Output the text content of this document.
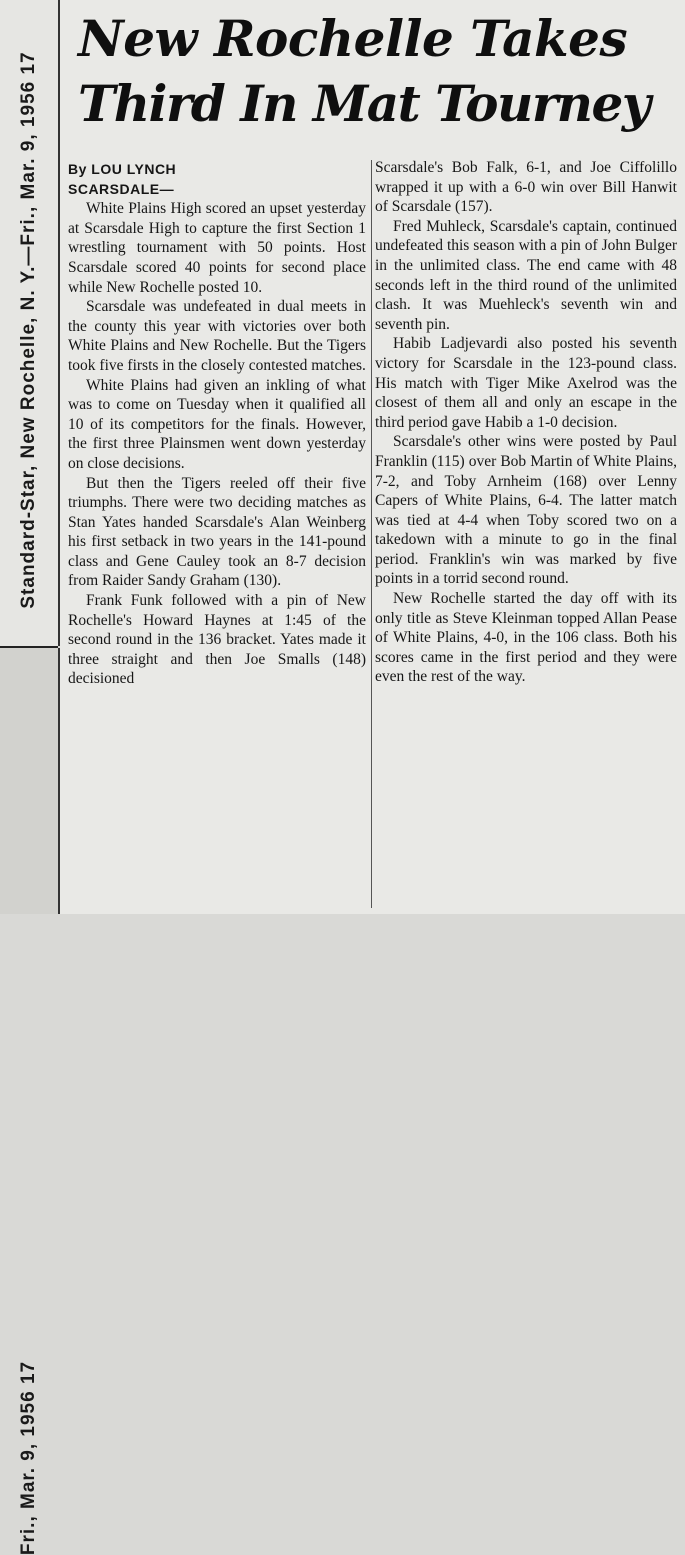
Standard-Star, New Rochelle, N. Y.—Fri., Mar. 9, 1956 17
Fri., Mar. 9, 1956 17
New Rochelle Takes
Third In Mat Tourney
By LOU LYNCH
SCARSDALE—

White Plains High scored an upset yesterday at Scarsdale High to capture the first Section 1 wrestling tournament with 50 points. Host Scarsdale scored 40 points for second place while New Rochelle posted 10.

Scarsdale was undefeated in dual meets in the county this year with victories over both White Plains and New Rochelle. But the Tigers took five firsts in the closely contested matches.

White Plains had given an inkling of what was to come on Tuesday when it qualified all 10 of its competitors for the finals. However, the first three Plainsmen went down yesterday on close decisions.

But then the Tigers reeled off their five triumphs. There were two deciding matches as Stan Yates handed Scarsdale's Alan Weinberg his first setback in two years in the 141-pound class and Gene Cauley took an 8-7 decision from Raider Sandy Graham (130).

Frank Funk followed with a pin of New Rochelle's Howard Haynes at 1:45 of the second round in the 136 bracket. Yates made it three straight and then Joe Smalls (148) decisioned

Scarsdale's Bob Falk, 6-1, and Joe Ciffolillo wrapped it up with a 6-0 win over Bill Hanwit of Scarsdale (157).

Fred Muhleck, Scarsdale's captain, continued undefeated this season with a pin of John Bulger in the unlimited class. The end came with 48 seconds left in the third round of the unlimited clash. It was Muehleck's seventh win and seventh pin.

Habib Ladjevardi also posted his seventh victory for Scarsdale in the 123-pound class. His match with Tiger Mike Axelrod was the closest of them all and only an escape in the third period gave Habib a 1-0 decision.

Scarsdale's other wins were posted by Paul Franklin (115) over Bob Martin of White Plains, 7-2, and Toby Arnheim (168) over Lenny Capers of White Plains, 6-4. The latter match was tied at 4-4 when Toby scored two on a takedown with a minute to go in the final period. Franklin's win was marked by five points in a torrid second round.

New Rochelle started the day off with its only title as Steve Kleinman topped Allan Pease of White Plains, 4-0, in the 106 class. Both his scores came in the first period and they were even the rest of the way.
